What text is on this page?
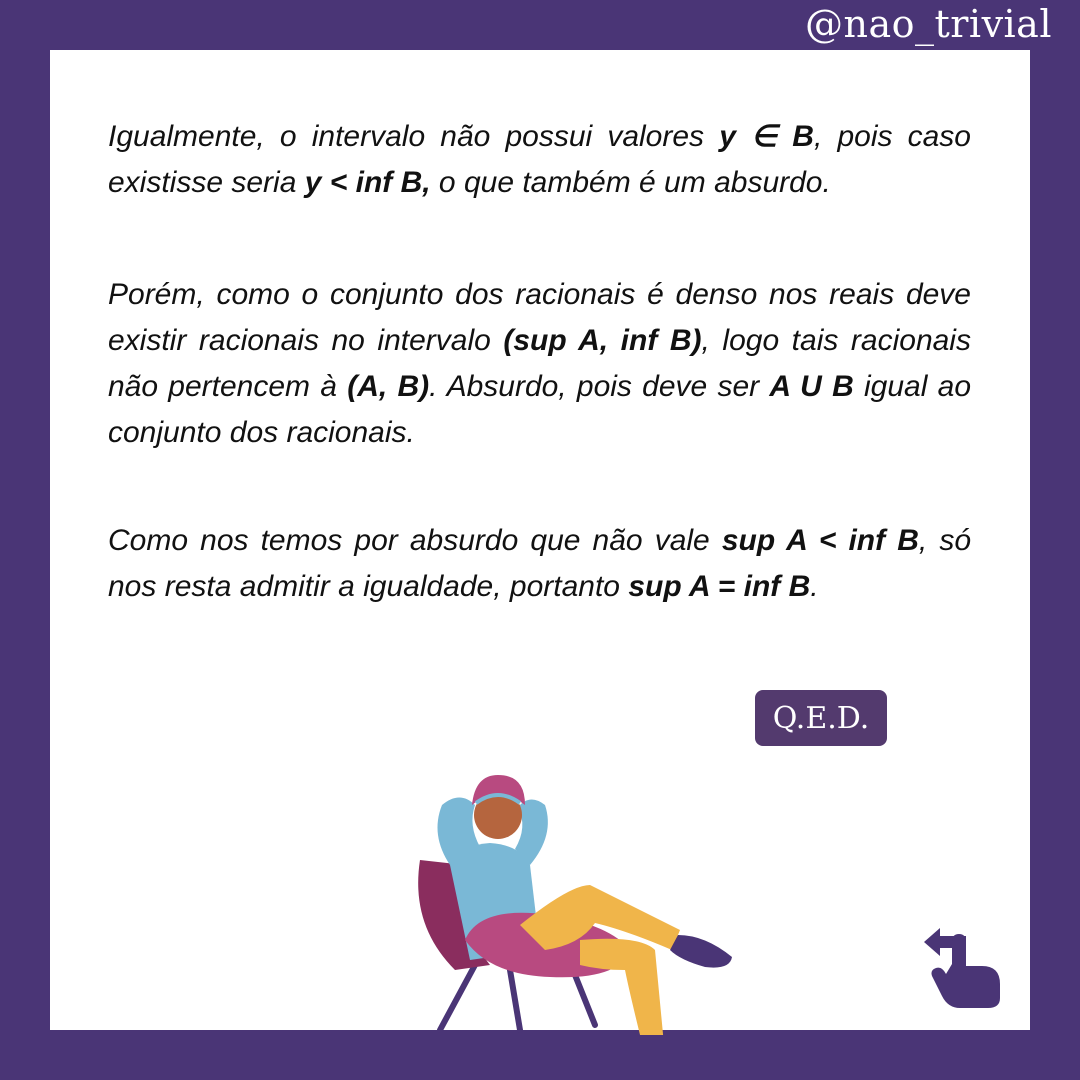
@nao_trivial

Igualmente, o intervalo não possui valores y ∈ B, pois caso existisse seria y < inf B, o que também é um absurdo.

Porém, como o conjunto dos racionais é denso nos reais deve existir racionais no intervalo (sup A, inf B), logo tais racionais não pertencem à (A, B). Absurdo, pois deve ser A U B igual ao conjunto dos racionais.

Como nos temos por absurdo que não vale sup A < inf B, só nos resta admitir a igualdade, portanto sup A = inf B.

Q.E.D.
